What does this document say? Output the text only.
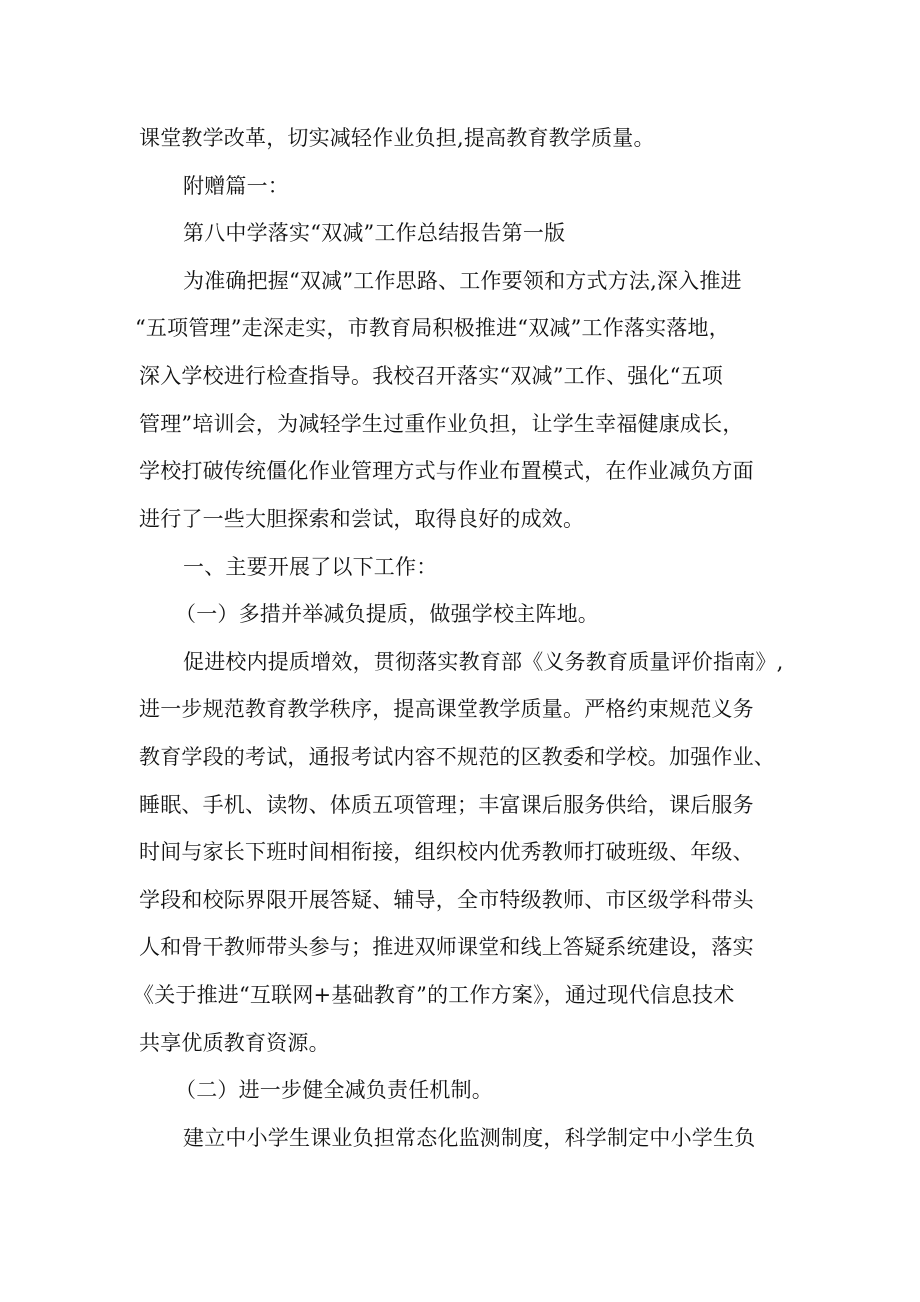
课堂教学改革，切实减轻作业负担,提高教育教学质量。
附赠篇一：
第八中学落实“双减”工作总结报告第一版
为准确把握“双减”工作思路、工作要领和方式方法,深入推进
“五项管理”走深走实，市教育局积极推进“双减”工作落实落地，
深入学校进行检查指导。我校召开落实“双减”工作、强化“五项
管理”培训会，为减轻学生过重作业负担，让学生幸福健康成长，
学校打破传统僵化作业管理方式与作业布置模式，在作业减负方面
进行了一些大胆探索和尝试，取得良好的成效。
一、主要开展了以下工作：
（一）多措并举减负提质，做强学校主阵地。
促进校内提质增效，贯彻落实教育部《义务教育质量评价指南》,
进一步规范教育教学秩序，提高课堂教学质量。严格约束规范义务
教育学段的考试，通报考试内容不规范的区教委和学校。加强作业、
睡眠、手机、读物、体质五项管理；丰富课后服务供给，课后服务
时间与家长下班时间相衔接，组织校内优秀教师打破班级、年级、
学段和校际界限开展答疑、辅导，全市特级教师、市区级学科带头
人和骨干教师带头参与；推进双师课堂和线上答疑系统建设，落实
《关于推进“互联网+基础教育”的工作方案》，通过现代信息技术
共享优质教育资源。
（二）进一步健全减负责任机制。
建立中小学生课业负担常态化监测制度，科学制定中小学生负
